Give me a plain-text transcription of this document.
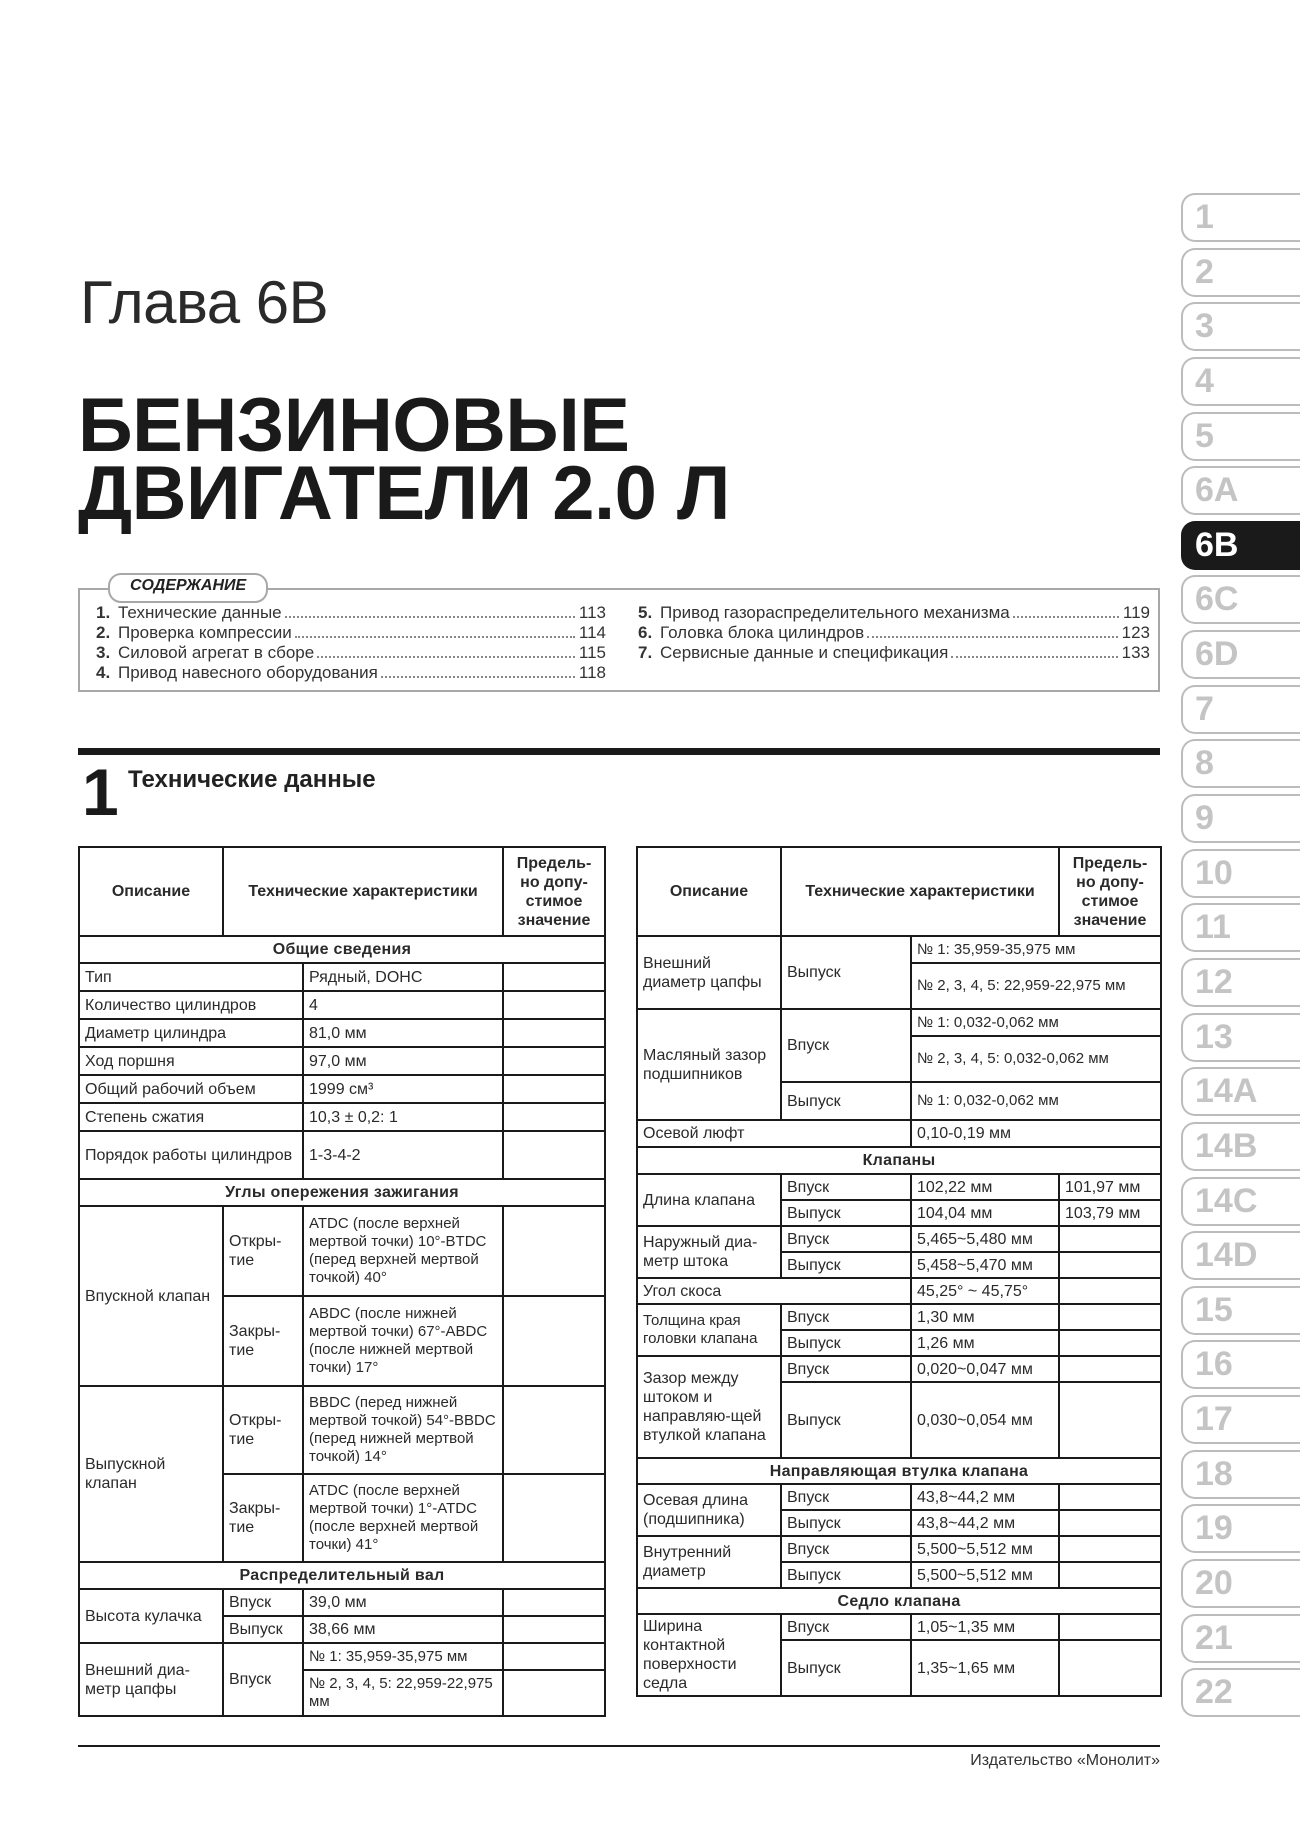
Глава 6В
БЕНЗИНОВЫЕ
ДВИГАТЕЛИ 2.0 Л
СОДЕРЖАНИЕ
1. Технические данные	113
2. Проверка компрессии	114
3. Силовой агрегат в сборе	115
4. Привод навесного оборудования	118
5. Привод газораспределительного механизма	119
6. Головка блока цилиндров	123
7. Сервисные данные и спецификация	133
1 Технические данные
Описание	Технические характеристики		Предель-но допу-стимое значение
Общие сведения			
Тип		Рядный, DOHC	
Количество цилиндров		4	
Диаметр цилиндра		81,0 мм	
Ход поршня		97,0 мм	
Общий рабочий объем		1999 см³	
Степень сжатия		10,3 ± 0,2: 1	
Порядок работы цилиндров		1-3-4-2	
Углы опережения зажигания			
Впускной клапан	Откры-тие	ATDC (после верхней мертвой точки) 10°-BTDC (перед верхней мертвой точкой) 40°	
	Закры-тие	ABDC (после нижней мертвой точки) 67°-ABDC (после нижней мертвой точки) 17°	
Выпускной клапан	Откры-тие	BBDC (перед нижней мертвой точкой) 54°-BBDC (перед нижней мертвой точкой) 14°	
	Закры-тие	ATDC (после верхней мертвой точки) 1°-ATDC (после верхней мертвой точки) 41°	
Распределительный вал			
Высота кулачка	Впуск	39,0 мм	
	Выпуск	38,66 мм	
Внешний диа-метр цапфы	Впуск	№ 1: 35,959-35,975 мм	
		№ 2, 3, 4, 5: 22,959-22,975 мм	
Описание	Технические характеристики		Предель-но допу-стимое значение
Внешний диаметр цапфы	Выпуск	№ 1: 35,959-35,975 мм	
		№ 2, 3, 4, 5: 22,959-22,975 мм	
Масляный зазор подшипников	Впуск	№ 1: 0,032-0,062 мм	
		№ 2, 3, 4, 5: 0,032-0,062 мм	
	Выпуск	№ 1: 0,032-0,062 мм	
Осевой люфт		0,10-0,19 мм	
Клапаны			
Длина клапана	Впуск	102,22 мм	101,97 мм
	Выпуск	104,04 мм	103,79 мм
Наружный диа-метр штока	Впуск	5,465~5,480 мм	
	Выпуск	5,458~5,470 мм	
Угол скоса		45,25° ~ 45,75°	
Толщина края головки клапана	Впуск	1,30 мм	
	Выпуск	1,26 мм	
Зазор между штоком и направляю-щей втулкой клапана	Впуск	0,020~0,047 мм	
	Выпуск	0,030~0,054 мм	
Направляющая втулка клапана			
Осевая длина (подшипника)	Впуск	43,8~44,2 мм	
	Выпуск	43,8~44,2 мм	
Внутренний диаметр	Впуск	5,500~5,512 мм	
	Выпуск	5,500~5,512 мм	
Седло клапана			
Ширина контактной поверхности седла	Впуск	1,05~1,35 мм	
	Выпуск	1,35~1,65 мм	
1
2
3
4
5
6A
6B
6C
6D
7
8
9
10
11
12
13
14A
14B
14C
14D
15
16
17
18
19
20
21
22
Издательство «Монолит»
